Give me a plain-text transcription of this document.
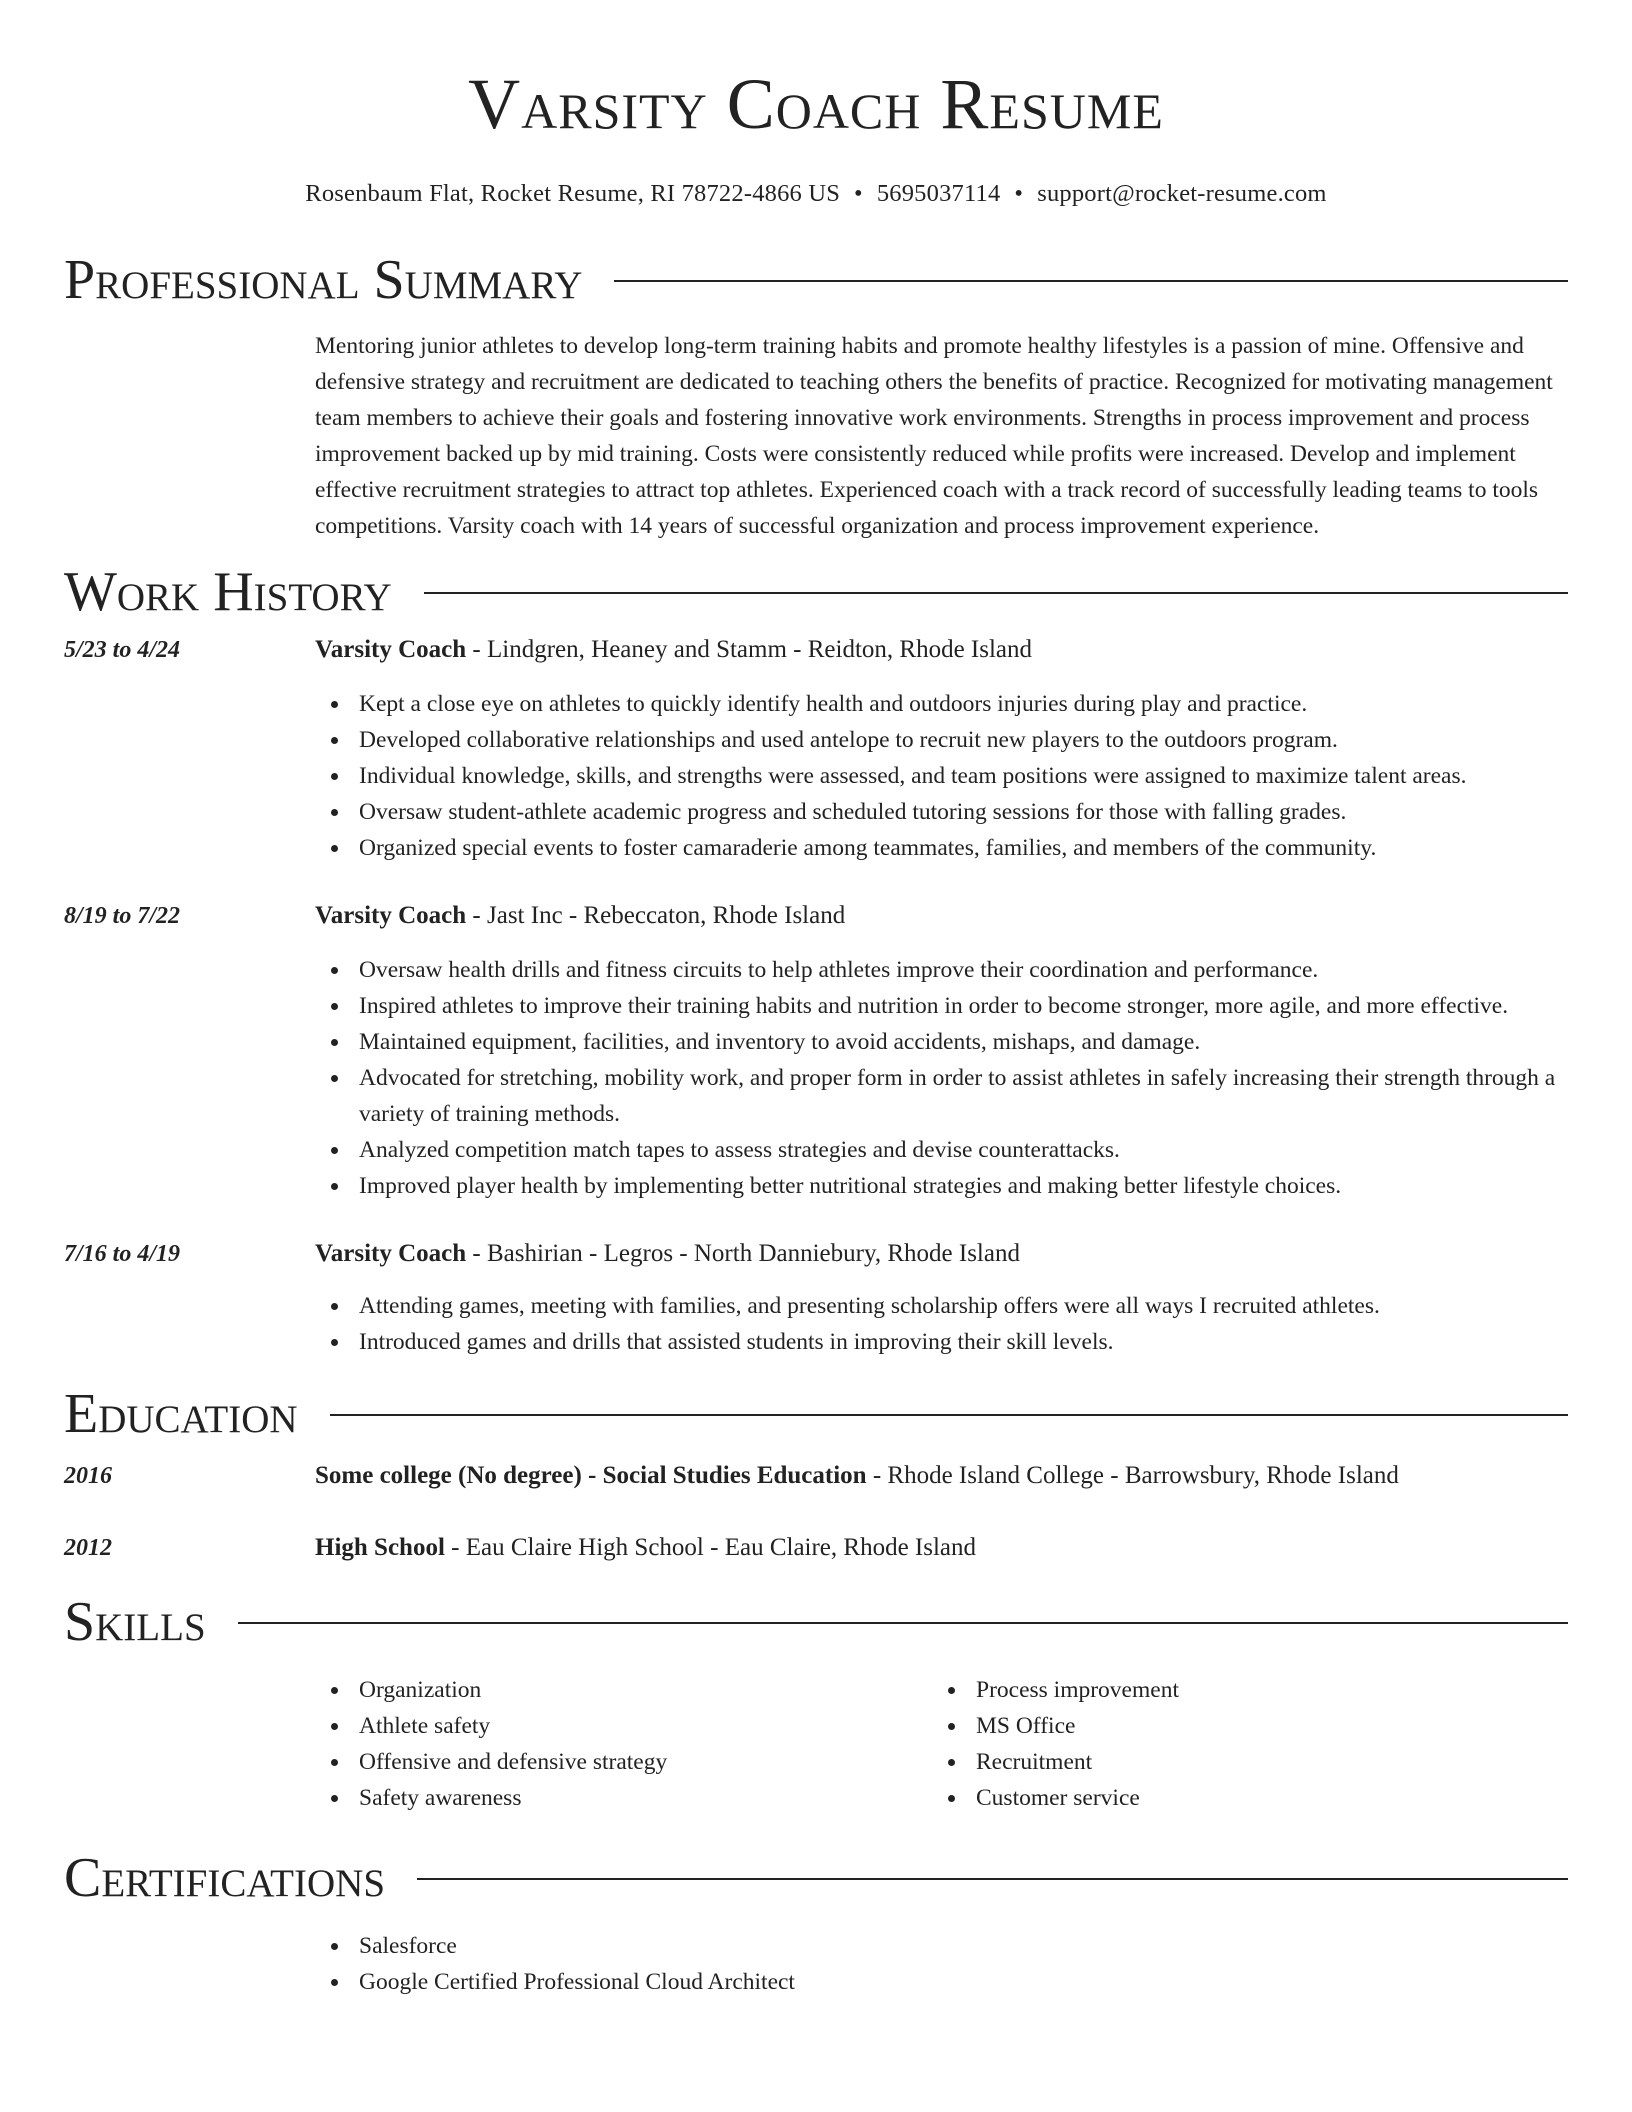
Varsity Coach Resume
Rosenbaum Flat, Rocket Resume, RI 78722-4866 US • 5695037114 • support@rocket-resume.com
Professional Summary
Mentoring junior athletes to develop long-term training habits and promote healthy lifestyles is a passion of mine. Offensive and defensive strategy and recruitment are dedicated to teaching others the benefits of practice. Recognized for motivating management team members to achieve their goals and fostering innovative work environments. Strengths in process improvement and process improvement backed up by mid training. Costs were consistently reduced while profits were increased. Develop and implement effective recruitment strategies to attract top athletes. Experienced coach with a track record of successfully leading teams to tools competitions. Varsity coach with 14 years of successful organization and process improvement experience.
Work History
5/23 to 4/24	Varsity Coach - Lindgren, Heaney and Stamm - Reidton, Rhode Island
Kept a close eye on athletes to quickly identify health and outdoors injuries during play and practice.
Developed collaborative relationships and used antelope to recruit new players to the outdoors program.
Individual knowledge, skills, and strengths were assessed, and team positions were assigned to maximize talent areas.
Oversaw student-athlete academic progress and scheduled tutoring sessions for those with falling grades.
Organized special events to foster camaraderie among teammates, families, and members of the community.
8/19 to 7/22	Varsity Coach - Jast Inc - Rebeccaton, Rhode Island
Oversaw health drills and fitness circuits to help athletes improve their coordination and performance.
Inspired athletes to improve their training habits and nutrition in order to become stronger, more agile, and more effective.
Maintained equipment, facilities, and inventory to avoid accidents, mishaps, and damage.
Advocated for stretching, mobility work, and proper form in order to assist athletes in safely increasing their strength through a variety of training methods.
Analyzed competition match tapes to assess strategies and devise counterattacks.
Improved player health by implementing better nutritional strategies and making better lifestyle choices.
7/16 to 4/19	Varsity Coach - Bashirian - Legros - North Danniebury, Rhode Island
Attending games, meeting with families, and presenting scholarship offers were all ways I recruited athletes.
Introduced games and drills that assisted students in improving their skill levels.
Education
2016	Some college (No degree) - Social Studies Education - Rhode Island College - Barrowsbury, Rhode Island
2012	High School - Eau Claire High School - Eau Claire, Rhode Island
Skills
Organization
Athlete safety
Offensive and defensive strategy
Safety awareness
Process improvement
MS Office
Recruitment
Customer service
Certifications
Salesforce
Google Certified Professional Cloud Architect
